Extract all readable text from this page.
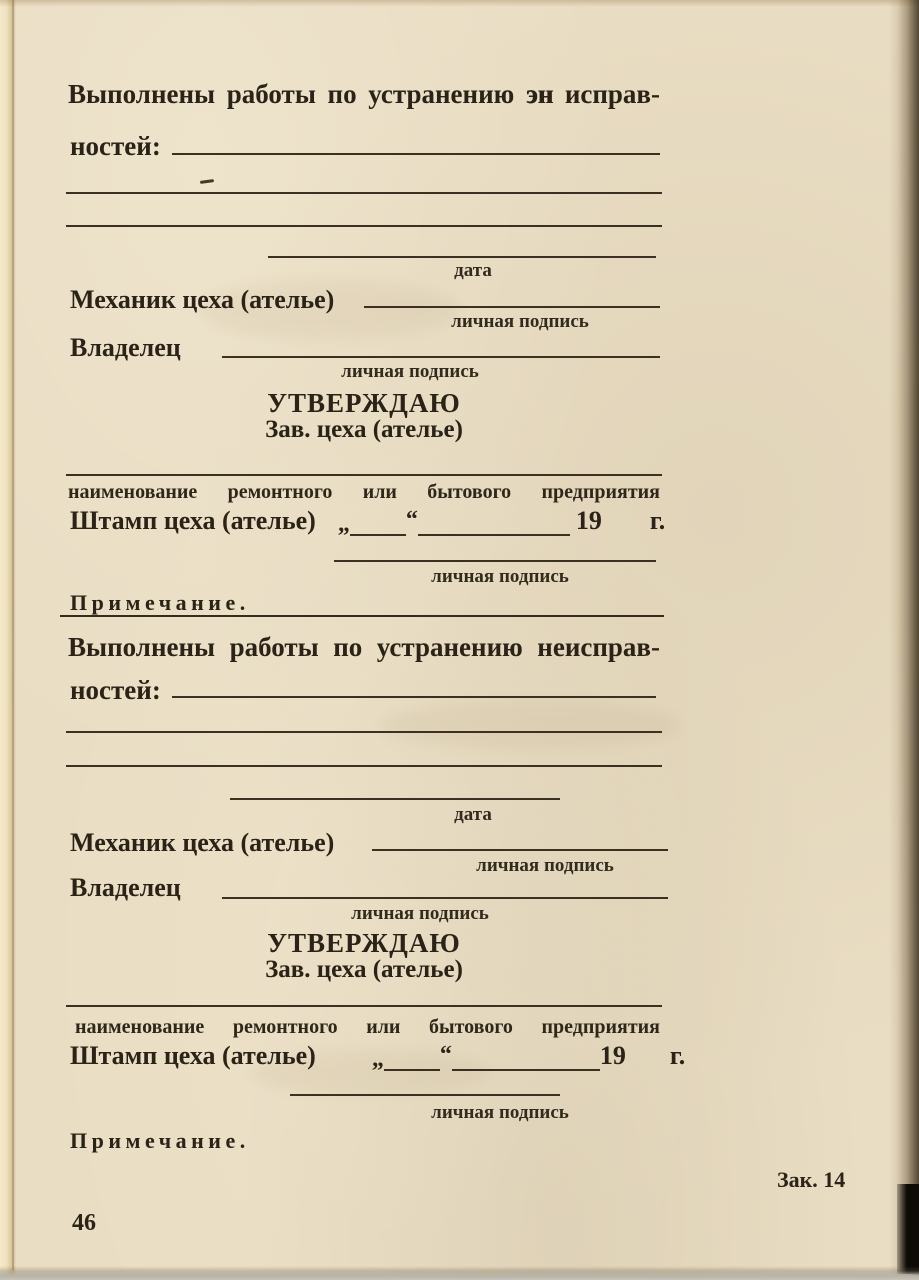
Выполнены работы по устранению эн исправ-
ностей:
дата
Механик цеха (ателье)
личная подпись
Владелец
личная подпись
УТВЕРЖДАЮ
Зав. цеха (ателье)
наименование ремонтного или бытового предприятия
Штамп цеха (ателье) „ “	19 г.
личная подпись
Примечание.
Выполнены работы по устранению неисправ-
ностей:
дата
Механик цеха (ателье)
личная подпись
Владелец
личная подпись
УТВЕРЖДАЮ
Зав. цеха (ателье)
наименование ремонтного или бытового предприятия
Штамп цеха (ателье) „ “	19 г.
личная подпись
Примечание.
Зак. 14
46
